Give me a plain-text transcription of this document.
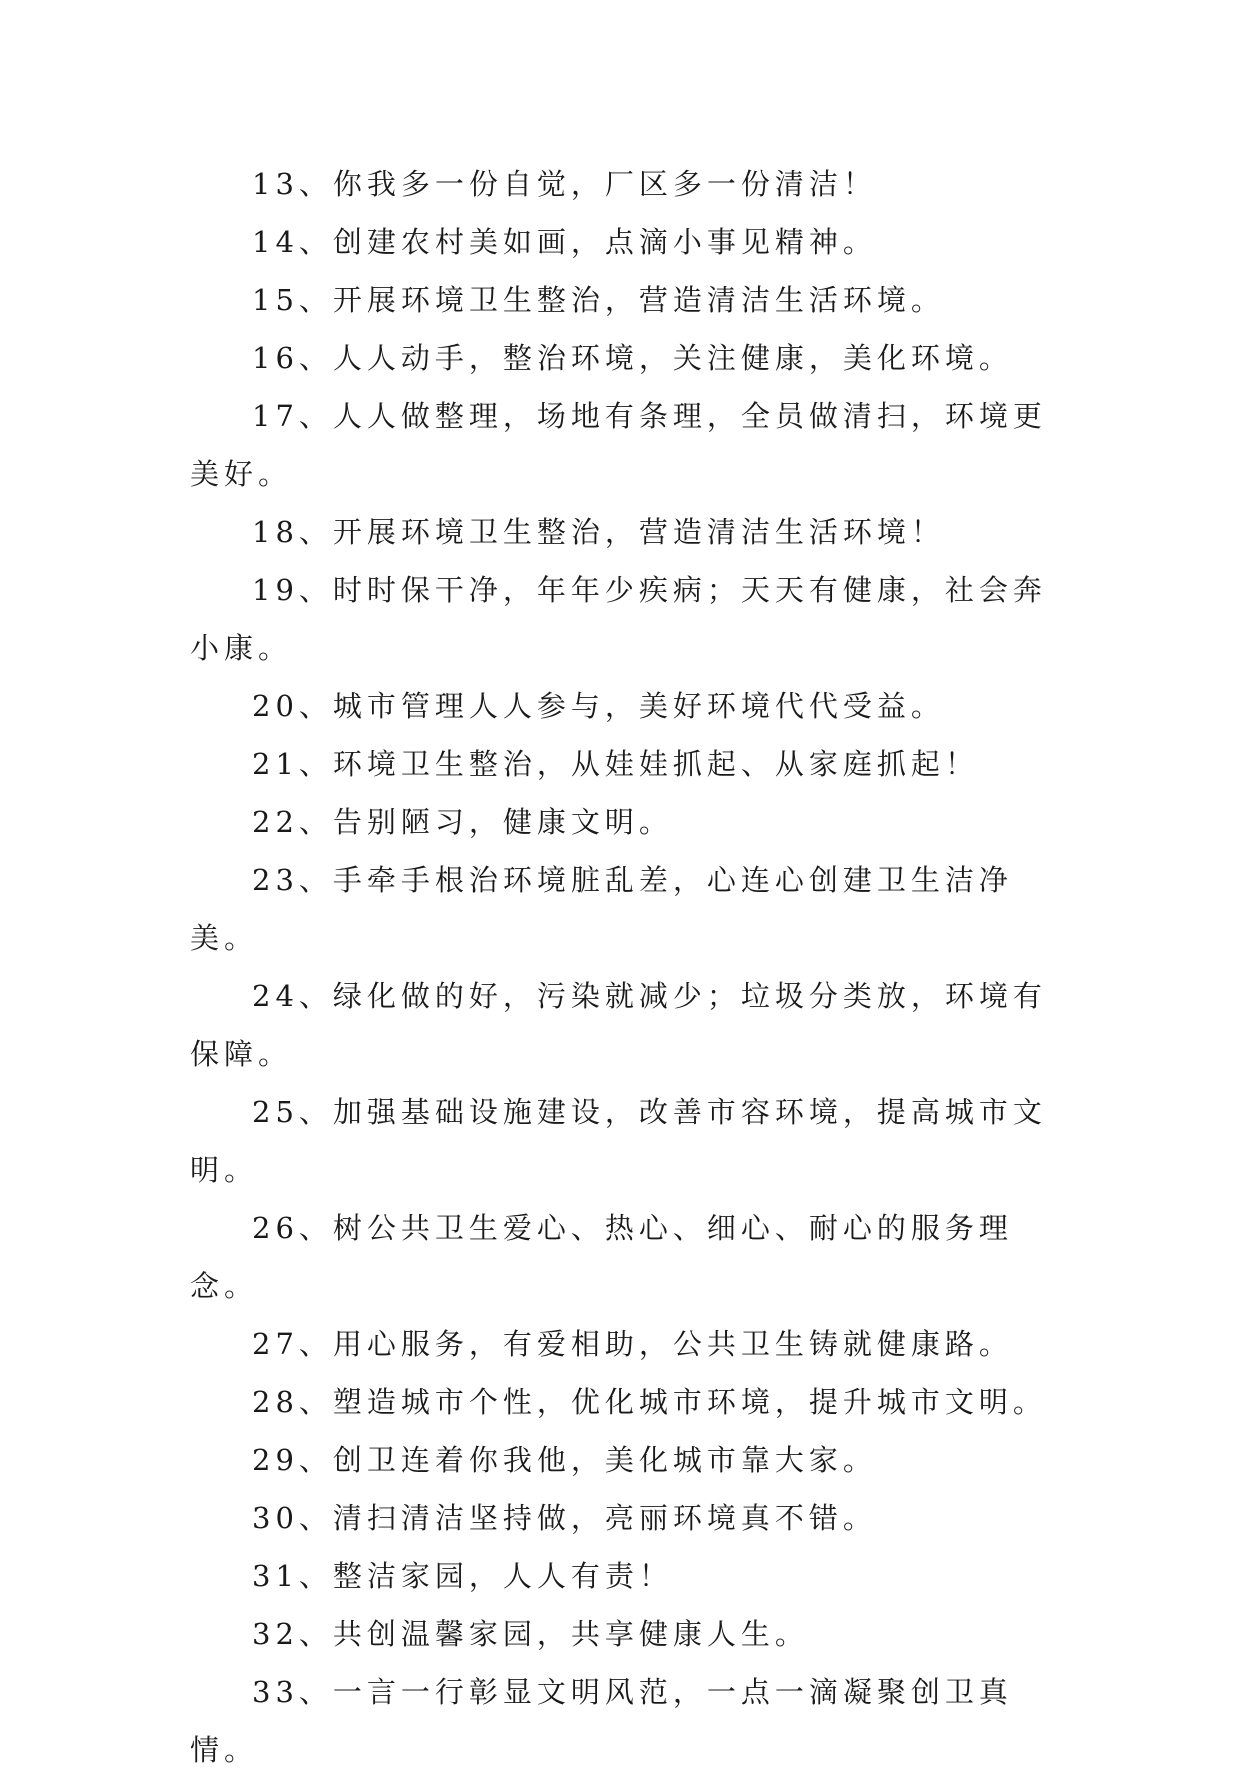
13、你我多一份自觉，厂区多一份清洁！

14、创建农村美如画，点滴小事见精神。

15、开展环境卫生整治，营造清洁生活环境。

16、人人动手，整治环境，关注健康，美化环境。

17、人人做整理，场地有条理，全员做清扫，环境更美好。

18、开展环境卫生整治，营造清洁生活环境！

19、时时保干净，年年少疾病；天天有健康，社会奔小康。

20、城市管理人人参与，美好环境代代受益。

21、环境卫生整治，从娃娃抓起、从家庭抓起！

22、告别陋习，健康文明。

23、手牵手根治环境脏乱差，心连心创建卫生洁净美。

24、绿化做的好，污染就减少；垃圾分类放，环境有保障。

25、加强基础设施建设，改善市容环境，提高城市文明。

26、树公共卫生爱心、热心、细心、耐心的服务理念。

27、用心服务，有爱相助，公共卫生铸就健康路。

28、塑造城市个性，优化城市环境，提升城市文明。

29、创卫连着你我他，美化城市靠大家。

30、清扫清洁坚持做，亮丽环境真不错。

31、整洁家园，人人有责！

32、共创温馨家园，共享健康人生。

33、一言一行彰显文明风范，一点一滴凝聚创卫真情。
